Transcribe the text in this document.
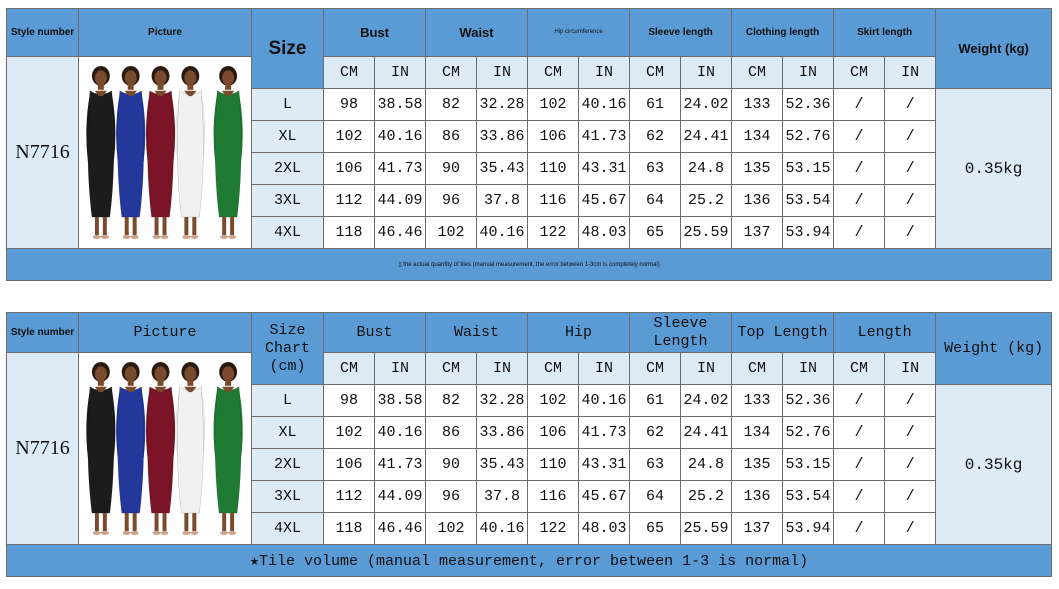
Style number	Picture	Size	Bust		Waist		Hip circumference		Sleeve length		Clothing length		Skirt length		Weight (kg)
N7716			CM	IN	CM	IN	CM	IN	CM	IN	CM	IN	CM	IN	
		L	98	38.58	82	32.28	102	40.16	61	24.02	133	52.36	/	/	0.35kg
		XL	102	40.16	86	33.86	106	41.73	62	24.41	134	52.76	/	/	
		2XL	106	41.73	90	35.43	110	43.31	63	24.8	135	53.15	/	/	
		3XL	112	44.09	96	37.8	116	45.67	64	25.2	136	53.54	/	/	
		4XL	118	46.46	102	40.16	122	48.03	65	25.59	137	53.94	/	/	
▯ the actual quantity of tiles (manual measurement, the error between 1-3cm is completely normal)															
Style number	Picture	Size Chart (cm)	Bust		Waist		Hip		Sleeve Length		Top Length		Length		Weight (kg)
N7716			CM	IN	CM	IN	CM	IN	CM	IN	CM	IN	CM	IN	
		L	98	38.58	82	32.28	102	40.16	61	24.02	133	52.36	/	/	0.35kg
		XL	102	40.16	86	33.86	106	41.73	62	24.41	134	52.76	/	/	
		2XL	106	41.73	90	35.43	110	43.31	63	24.8	135	53.15	/	/	
		3XL	112	44.09	96	37.8	116	45.67	64	25.2	136	53.54	/	/	
		4XL	118	46.46	102	40.16	122	48.03	65	25.59	137	53.94	/	/	
★Tile volume (manual measurement, error between 1-3 is normal)															
